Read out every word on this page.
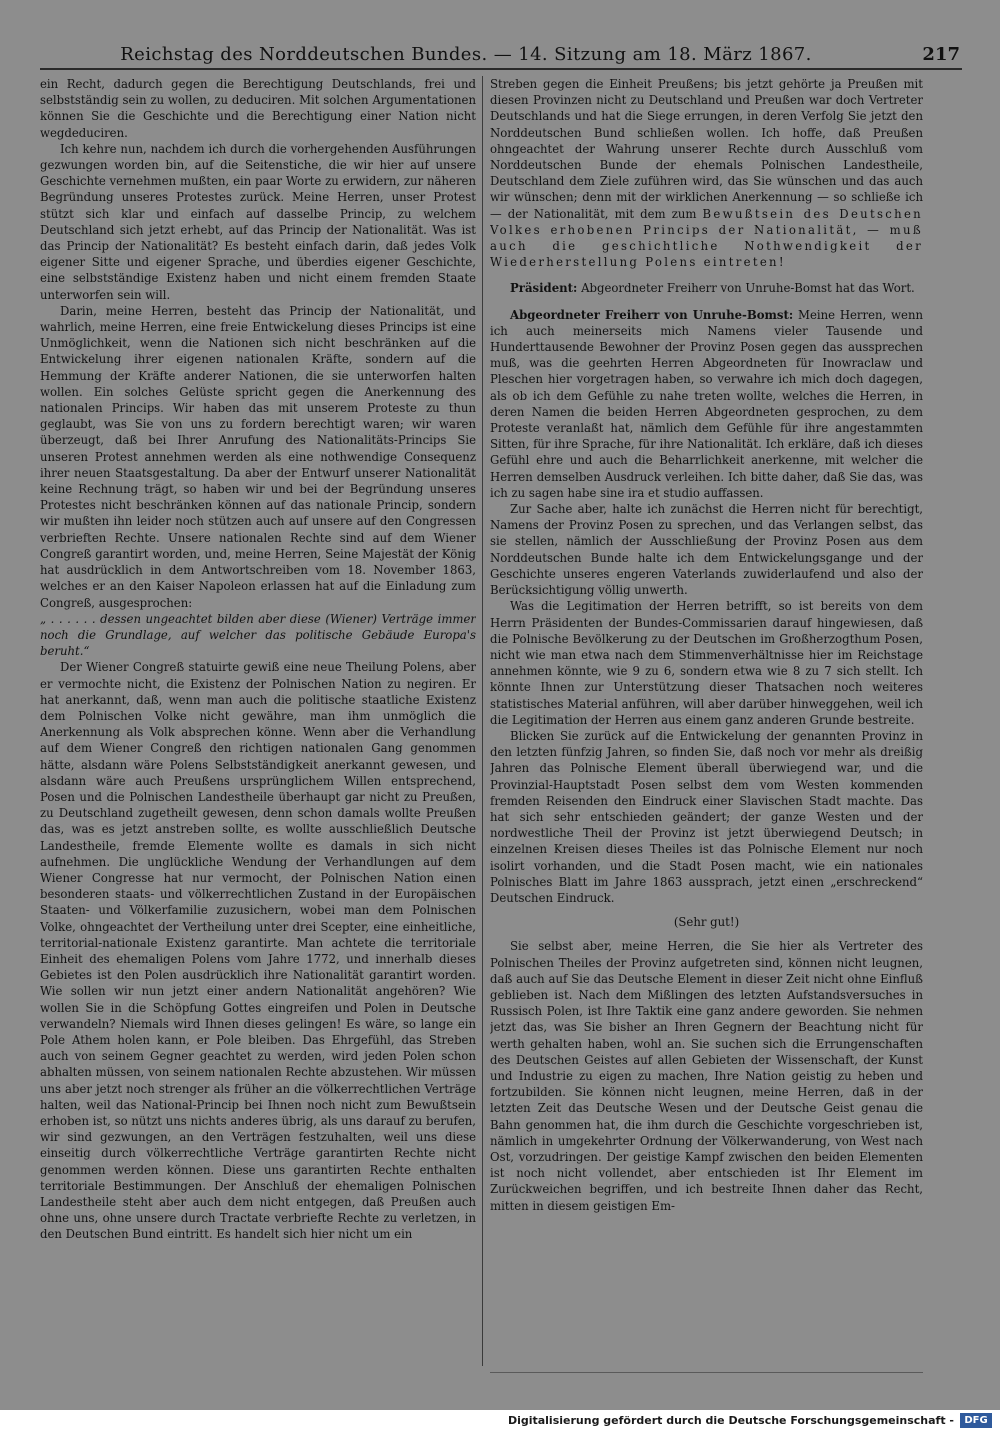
Reichstag des Norddeutschen Bundes. — 14. Sitzung am 18. März 1867.	217

ein Recht, dadurch gegen die Berechtigung Deutschlands, frei und selbstständig sein zu wollen, zu deduciren. Mit solchen Argumentationen können Sie die Geschichte und die Berechtigung einer Nation nicht wegdeduciren.

Ich kehre nun, nachdem ich durch die vorhergehenden Ausführungen gezwungen worden bin, auf die Seitenstiche, die wir hier auf unsere Geschichte vernehmen mußten, ein paar Worte zu erwidern, zur näheren Begründung unseres Protestes zurück. Meine Herren, unser Protest stützt sich klar und einfach auf dasselbe Princip, zu welchem Deutschland sich jetzt erhebt, auf das Princip der Nationalität. Was ist das Princip der Nationalität? Es besteht einfach darin, daß jedes Volk eigener Sitte und eigener Sprache, und überdies eigener Geschichte, eine selbstständige Existenz haben und nicht einem fremden Staate unterworfen sein will.

Darin, meine Herren, besteht das Princip der Nationalität, und wahrlich, meine Herren, eine freie Entwickelung dieses Princips ist eine Unmöglichkeit, wenn die Nationen sich nicht beschränken auf die Entwickelung ihrer eigenen nationalen Kräfte, sondern auf die Hemmung der Kräfte anderer Nationen, die sie unterworfen halten wollen. Ein solches Gelüste spricht gegen die Anerkennung des nationalen Princips. Wir haben das mit unserem Proteste zu thun geglaubt, was Sie von uns zu fordern berechtigt waren; wir waren überzeugt, daß bei Ihrer Anrufung des Nationalitäts-Princips Sie unseren Protest annehmen werden als eine nothwendige Consequenz ihrer neuen Staatsgestaltung. Da aber der Entwurf unserer Nationalität keine Rechnung trägt, so haben wir und bei der Begründung unseres Protestes nicht beschränken können auf das nationale Princip, sondern wir mußten ihn leider noch stützen auch auf unsere auf den Congressen verbrieften Rechte. Unsere nationalen Rechte sind auf dem Wiener Congreß garantirt worden, und, meine Herren, Seine Majestät der König hat ausdrücklich in dem Antwortschreiben vom 18. November 1863, welches er an den Kaiser Napoleon erlassen hat auf die Einladung zum Congreß, ausgesprochen:

„ . . . . . . dessen ungeachtet bilden aber diese (Wiener) Verträge immer noch die Grundlage, auf welcher das politische Gebäude Europa's beruht.“

Der Wiener Congreß statuirte gewiß eine neue Theilung Polens, aber er vermochte nicht, die Existenz der Polnischen Nation zu negiren. Er hat anerkannt, daß, wenn man auch die politische staatliche Existenz dem Polnischen Volke nicht gewähre, man ihm unmöglich die Anerkennung als Volk absprechen könne. Wenn aber die Verhandlung auf dem Wiener Congreß den richtigen nationalen Gang genommen hätte, alsdann wäre Polens Selbstständigkeit anerkannt gewesen, und alsdann wäre auch Preußens ursprünglichem Willen entsprechend, Posen und die Polnischen Landestheile überhaupt gar nicht zu Preußen, zu Deutschland zugetheilt gewesen, denn schon damals wollte Preußen das, was es jetzt anstreben sollte, es wollte ausschließlich Deutsche Landestheile, fremde Elemente wollte es damals in sich nicht aufnehmen. Die unglückliche Wendung der Verhandlungen auf dem Wiener Congresse hat nur vermocht, der Polnischen Nation einen besonderen staats- und völkerrechtlichen Zustand in der Europäischen Staaten- und Völkerfamilie zuzusichern, wobei man dem Polnischen Volke, ohngeachtet der Vertheilung unter drei Scepter, eine einheitliche, territorial-nationale Existenz garantirte. Man achtete die territoriale Einheit des ehemaligen Polens vom Jahre 1772, und innerhalb dieses Gebietes ist den Polen ausdrücklich ihre Nationalität garantirt worden. Wie sollen wir nun jetzt einer andern Nationalität angehören? Wie wollen Sie in die Schöpfung Gottes eingreifen und Polen in Deutsche verwandeln? Niemals wird Ihnen dieses gelingen! Es wäre, so lange ein Pole Athem holen kann, er Pole bleiben. Das Ehrgefühl, das Streben auch von seinem Gegner geachtet zu werden, wird jeden Polen schon abhalten müssen, von seinem nationalen Rechte abzustehen. Wir müssen uns aber jetzt noch strenger als früher an die völkerrechtlichen Verträge halten, weil das National-Princip bei Ihnen noch nicht zum Bewußtsein erhoben ist, so nützt uns nichts anderes übrig, als uns darauf zu berufen, wir sind gezwungen, an den Verträgen festzuhalten, weil uns diese einseitig durch völkerrechtliche Verträge garantirten Rechte nicht genommen werden können. Diese uns garantirten Rechte enthalten territoriale Bestimmungen. Der Anschluß der ehemaligen Polnischen Landestheile steht aber auch dem nicht entgegen, daß Preußen auch ohne uns, ohne unsere durch Tractate verbriefte Rechte zu verletzen, in den Deutschen Bund eintritt. Es handelt sich hier nicht um ein

Streben gegen die Einheit Preußens; bis jetzt gehörte ja Preußen mit diesen Provinzen nicht zu Deutschland und Preußen war doch Vertreter Deutschlands und hat die Siege errungen, in deren Verfolg Sie jetzt den Norddeutschen Bund schließen wollen. Ich hoffe, daß Preußen ohngeachtet der Wahrung unserer Rechte durch Ausschluß vom Norddeutschen Bunde der ehemals Polnischen Landestheile, Deutschland dem Ziele zuführen wird, das Sie wünschen und das auch wir wünschen; denn mit der wirklichen Anerkennung — so schließe ich — der Nationalität, mit dem zum Bewußtsein des Deutschen Volkes erhobenen Princips der Nationalität, — muß auch die geschichtliche Nothwendigkeit der Wiederherstellung Polens eintreten!

Präsident: Abgeordneter Freiherr von Unruhe-Bomst hat das Wort.

Abgeordneter Freiherr von Unruhe-Bomst: Meine Herren, wenn ich auch meinerseits mich Namens vieler Tausende und Hunderttausende Bewohner der Provinz Posen gegen das aussprechen muß, was die geehrten Herren Abgeordneten für Inowraclaw und Pleschen hier vorgetragen haben, so verwahre ich mich doch dagegen, als ob ich dem Gefühle zu nahe treten wollte, welches die Herren, in deren Namen die beiden Herren Abgeordneten gesprochen, zu dem Proteste veranlaßt hat, nämlich dem Gefühle für ihre angestammten Sitten, für ihre Sprache, für ihre Nationalität. Ich erkläre, daß ich dieses Gefühl ehre und auch die Beharrlichkeit anerkenne, mit welcher die Herren demselben Ausdruck verleihen. Ich bitte daher, daß Sie das, was ich zu sagen habe sine ira et studio auffassen.

Zur Sache aber, halte ich zunächst die Herren nicht für berechtigt, Namens der Provinz Posen zu sprechen, und das Verlangen selbst, das sie stellen, nämlich der Ausschließung der Provinz Posen aus dem Norddeutschen Bunde halte ich dem Entwickelungsgange und der Geschichte unseres engeren Vaterlands zuwiderlaufend und also der Berücksichtigung völlig unwerth.

Was die Legitimation der Herren betrifft, so ist bereits von dem Herrn Präsidenten der Bundes-Commissarien darauf hingewiesen, daß die Polnische Bevölkerung zu der Deutschen im Großherzogthum Posen, nicht wie man etwa nach dem Stimmenverhältnisse hier im Reichstage annehmen könnte, wie 9 zu 6, sondern etwa wie 8 zu 7 sich stellt. Ich könnte Ihnen zur Unterstützung dieser Thatsachen noch weiteres statistisches Material anführen, will aber darüber hinweggehen, weil ich die Legitimation der Herren aus einem ganz anderen Grunde bestreite.

Blicken Sie zurück auf die Entwickelung der genannten Provinz in den letzten fünfzig Jahren, so finden Sie, daß noch vor mehr als dreißig Jahren das Polnische Element überall überwiegend war, und die Provinzial-Hauptstadt Posen selbst dem vom Westen kommenden fremden Reisenden den Eindruck einer Slavischen Stadt machte. Das hat sich sehr entschieden geändert; der ganze Westen und der nordwestliche Theil der Provinz ist jetzt überwiegend Deutsch; in einzelnen Kreisen dieses Theiles ist das Polnische Element nur noch isolirt vorhanden, und die Stadt Posen macht, wie ein nationales Polnisches Blatt im Jahre 1863 aussprach, jetzt einen „erschreckend“ Deutschen Eindruck.

(Sehr gut!)

Sie selbst aber, meine Herren, die Sie hier als Vertreter des Polnischen Theiles der Provinz aufgetreten sind, können nicht leugnen, daß auch auf Sie das Deutsche Element in dieser Zeit nicht ohne Einfluß geblieben ist. Nach dem Mißlingen des letzten Aufstandsversuches in Russisch Polen, ist Ihre Taktik eine ganz andere geworden. Sie nehmen jetzt das, was Sie bisher an Ihren Gegnern der Beachtung nicht für werth gehalten haben, wohl an. Sie suchen sich die Errungenschaften des Deutschen Geistes auf allen Gebieten der Wissenschaft, der Kunst und Industrie zu eigen zu machen, Ihre Nation geistig zu heben und fortzubilden. Sie können nicht leugnen, meine Herren, daß in der letzten Zeit das Deutsche Wesen und der Deutsche Geist genau die Bahn genommen hat, die ihm durch die Geschichte vorgeschrieben ist, nämlich in umgekehrter Ordnung der Völkerwanderung, von West nach Ost, vorzudringen. Der geistige Kampf zwischen den beiden Elementen ist noch nicht vollendet, aber entschieden ist Ihr Element im Zurückweichen begriffen, und ich bestreite Ihnen daher das Recht, mitten in diesem geistigen Em-

Digitalisierung gefördert durch die Deutsche Forschungsgemeinschaft -	DFG
